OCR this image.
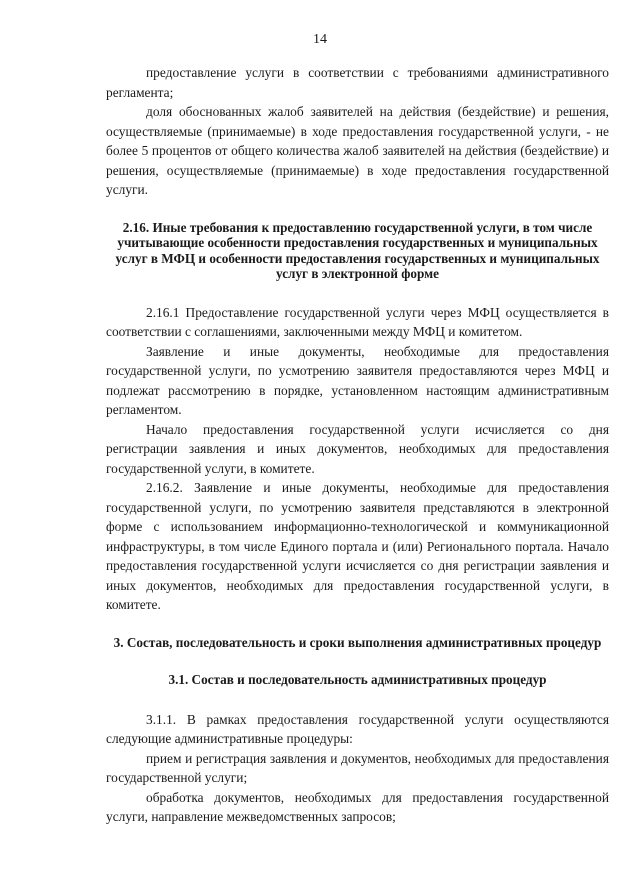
14

предоставление услуги в соответствии с требованиями административного регламента;

доля обоснованных жалоб заявителей на действия (бездействие) и решения, осуществляемые (принимаемые) в ходе предоставления государственной услуги, - не более 5 процентов от общего количества жалоб заявителей на действия (бездействие) и решения, осуществляемые (принимаемые) в ходе предоставления государственной услуги.

2.16. Иные требования к предоставлению государственной услуги, в том числе учитывающие особенности предоставления государственных и муниципальных услуг в МФЦ и особенности предоставления государственных и муниципальных услуг в электронной форме

2.16.1 Предоставление государственной услуги через МФЦ осуществляется в соответствии с соглашениями, заключенными между МФЦ и комитетом.

Заявление и иные документы, необходимые для предоставления государственной услуги, по усмотрению заявителя предоставляются через МФЦ и подлежат рассмотрению в порядке, установленном настоящим административным регламентом.

Начало предоставления государственной услуги исчисляется со дня регистрации заявления и иных документов, необходимых для предоставления государственной услуги, в комитете.

2.16.2. Заявление и иные документы, необходимые для предоставления государственной услуги, по усмотрению заявителя представляются в электронной форме с использованием информационно-технологической и коммуникационной инфраструктуры, в том числе Единого портала и (или) Регионального портала. Начало предоставления государственной услуги исчисляется со дня регистрации заявления и иных документов, необходимых для предоставления государственной услуги, в комитете.

3. Состав, последовательность и сроки выполнения административных процедур
3.1. Состав и последовательность административных процедур

3.1.1. В рамках предоставления государственной услуги осуществляются следующие административные процедуры:

прием и регистрация заявления и документов, необходимых для предоставления государственной услуги;

обработка документов, необходимых для предоставления государственной услуги, направление межведомственных запросов;
